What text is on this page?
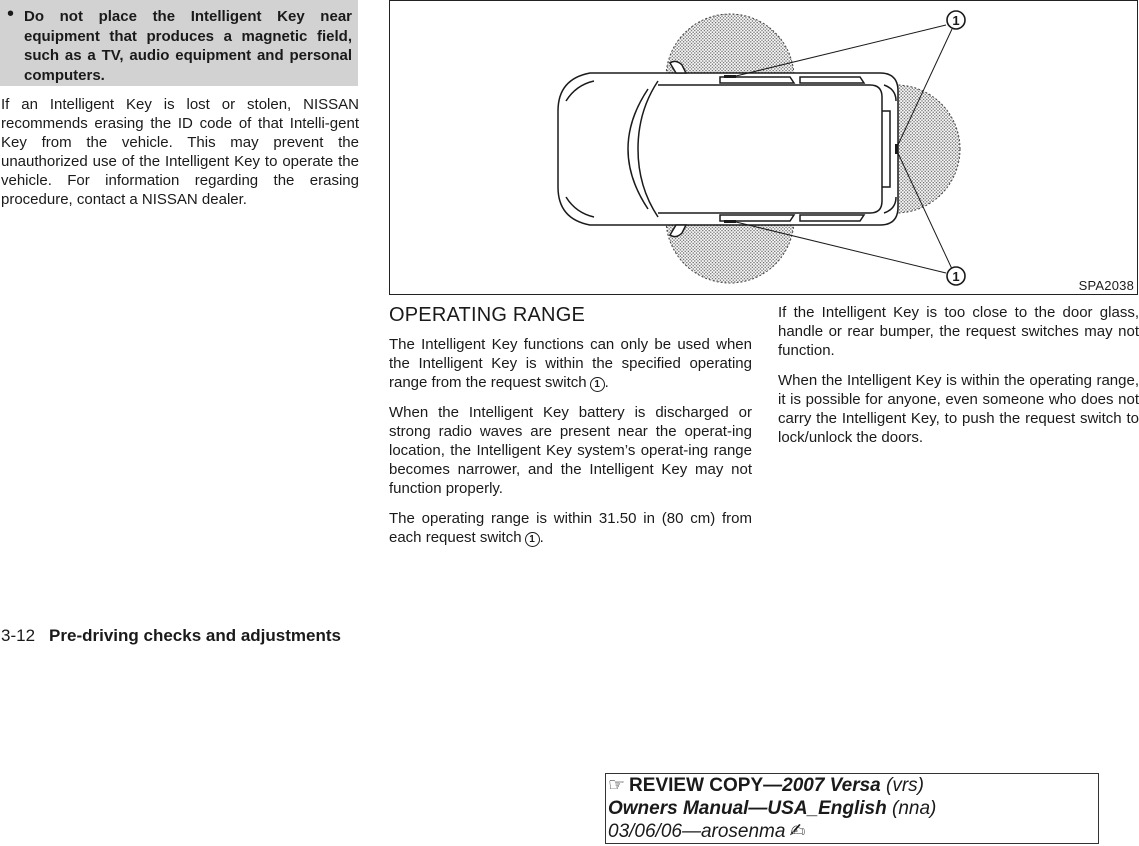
• Do not place the Intelligent Key near equipment that produces a magnetic field, such as a TV, audio equipment and personal computers.

If an Intelligent Key is lost or stolen, NISSAN recommends erasing the ID code of that Intelli-gent Key from the vehicle. This may prevent the unauthorized use of the Intelligent Key to operate the vehicle. For information regarding the erasing procedure, contact a NISSAN dealer.

1
1
SPA2038
OPERATING RANGE

The Intelligent Key functions can only be used when the Intelligent Key is within the specified operating range from the request switch 1 .

When the Intelligent Key battery is discharged or strong radio waves are present near the operat-ing location, the Intelligent Key system’s operat-ing range becomes narrower, and the Intelligent Key may not function properly.

The operating range is within 31.50 in (80 cm) from each request switch 1 .

If the Intelligent Key is too close to the door glass, handle or rear bumper, the request switches may not function.

When the Intelligent Key is within the operating range, it is possible for anyone, even someone who does not carry the Intelligent Key, to push the request switch to lock/unlock the doors.

3-12 Pre-driving checks and adjustments
☞ REVIEW COPY—2007 Versa (vrs)
Owners Manual—USA_English (nna)
03/06/06—arosenma ✍
